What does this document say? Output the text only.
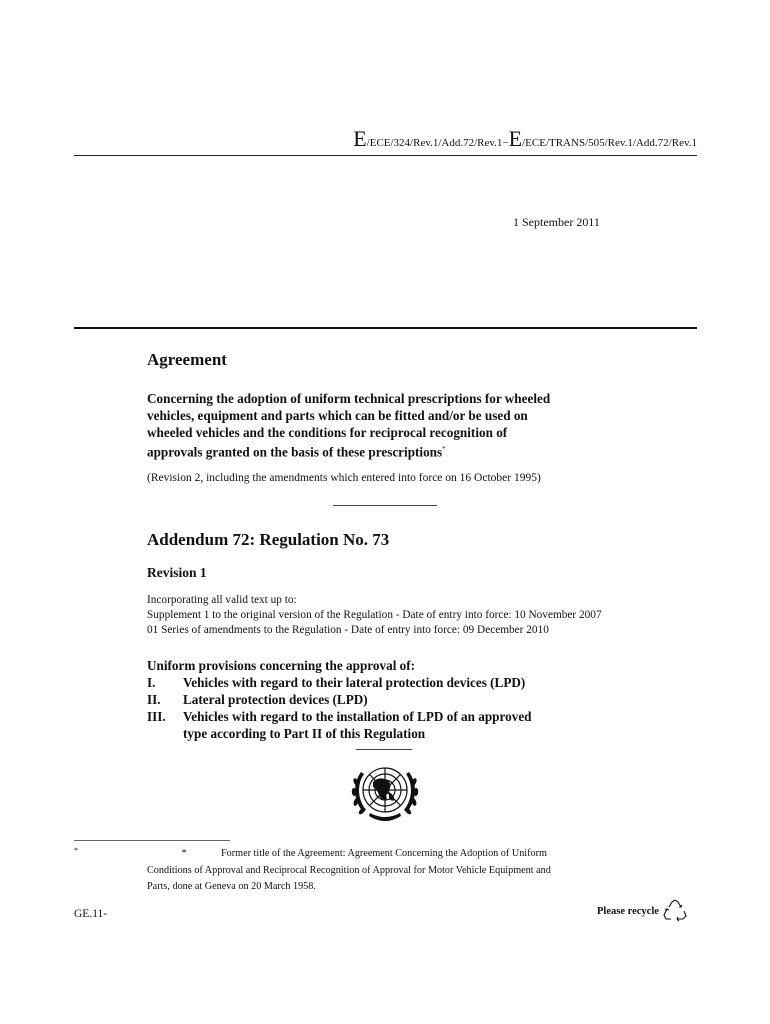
E/ECE/324/Rev.1/Add.72/Rev.1−E/ECE/TRANS/505/Rev.1/Add.72/Rev.1
1 September 2011
Agreement
Concerning the adoption of uniform technical prescriptions for wheeled
vehicles, equipment and parts which can be fitted and/or be used on
wheeled vehicles and the conditions for reciprocal recognition of
approvals granted on the basis of these prescriptions*
(Revision 2, including the amendments which entered into force on 16 October 1995)
Addendum 72: Regulation No. 73
Revision 1
Incorporating all valid text up to:
Supplement 1 to the original version of the Regulation - Date of entry into force: 10 November 2007
01 Series of amendments to the Regulation - Date of entry into force: 09 December 2010
Uniform provisions concerning the approval of:
I.	Vehicles with regard to their lateral protection devices (LPD)
II.	Lateral protection devices (LPD)
III.	Vehicles with regard to the installation of LPD of an approved
type according to Part II of this Regulation
*	*	Former title of the Agreement: Agreement Concerning the Adoption of Uniform
Conditions of Approval and Reciprocal Recognition of Approval for Motor Vehicle Equipment and
Parts, done at Geneva on 20 March 1958.
GE.11-	Please recycle
